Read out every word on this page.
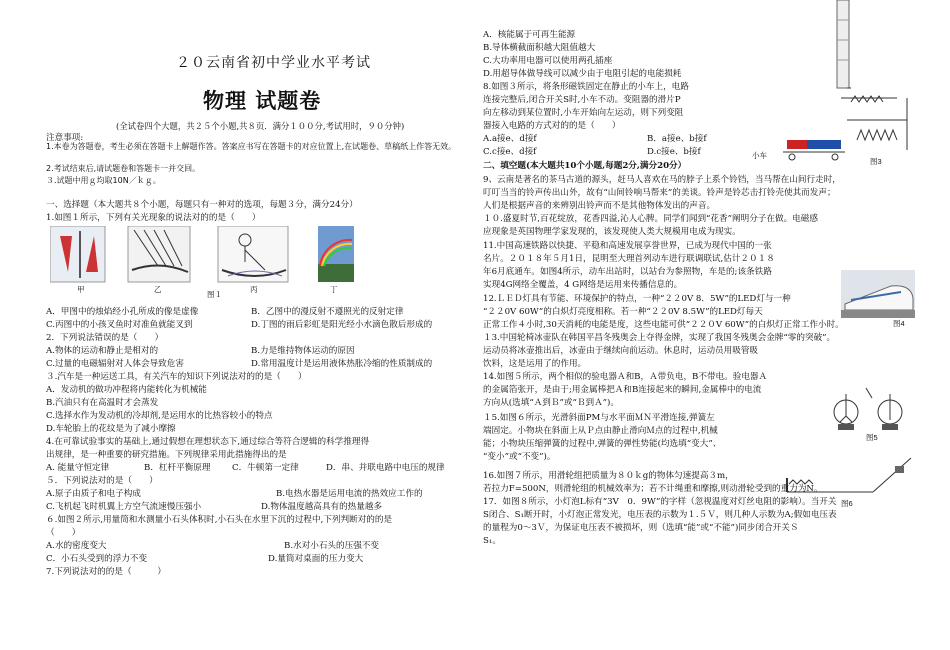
２０云南省初中学业水平考试
物理 试题卷
(全试卷四个大题，共２５个小题,共８页．满分１００分,考试用时，９０分钟)
注意事项:
1.本卷为答题卷，考生必须在答题卡上解题作答。答案应书写在答题卡的对应位置上,在试题卷、草稿纸上作答无效。
2.考试结束后,请试题卷和答题卡一并交回。
３.试题中用ｇ均取10N／ｋｇ。
一、选择题（本大题共８个小题，每题只有一种对的选项，每题３分，满分24分）
1.如图１所示，下列有关光现象的说法对的的是（　　）
甲	乙	丙	丁
图１
A．甲图中的烛焰经小孔所成的像是虚像	B．乙图中的漫反射不遵照光的反射定律
C.丙图中的小孩叉鱼时对准鱼就能叉到	D.丁图的雨后彩虹是阳光经小水滴色散后形成的
2．下列说法错误的是（　　）
A.物体的运动和静止是相对的	B.力是维持物体运动的原因
C.过量的电磁辐射对人体会导致危害	D.常用温度计是运用液体热胀冷缩的性质制成的
３.汽车是一种运送工具，有关汽车的知识下列说法对的的是（　　）
A．发动机的做功冲程将内能转化为机械能
B.汽油只有在高温时才会蒸发
C.选择水作为发动机的冷却剂,是运用水的比热容较小的特点
D.车轮胎上的花纹是为了减小摩擦
4.在可靠试验事实的基础上,通过假想在理想状态下,通过综合等符合逻辑的科学推理得
出规律，是一种重要的研究措施。下列规律采用此措施得出的是
A. 能量守恒定律	B．杠杆平衡原理	C．牛顿第一定律	D．串、并联电路中电压的规律
５．下列说法对的是（　　）
A.原子由质子和电子构成	B.电热水器是运用电流的热效应工作的
C.飞机起飞时机翼上方空气流速慢压强小	D.物体温度越高具有的热量越多
６.如图２所示,用量筒和水测量小石头体积时,小石头在水里下沉的过程中,下列判断对的的是
（　　）
A.水的密度变大	B.水对小石头的压强不变
C．小石头受到的浮力不变	D.量筒对桌面的压力变大
7.下列说法对的的是（　　　）
A．核能属于可再生能源
B.导体横截面积越大阻值越大
C.大功率用电器可以使用两孔插座
D.用超导体做导线可以减少由于电阻引起的电能损耗
8.如图３所示，将条形磁铁固定在静止的小车上，电路
连接完整后,闭合开关S时,小车不动。变阻器的滑片P
向左移动到某位置时,小车开始向左运动，则下列变阻
器接入电路的方式对的的是（　　）
A.a接e、d接f	B．a接e、b接f
C.c接e、d接f	D.c接e、b接f	小车
图3
二、填空题(本大题共10个小题,每题2分,满分20分）
9、云南是著名的茶马古道的源头，赶马人喜欢在马的脖子上系个铃铛，当马帮在山间行走时，
叮叮当当的铃声传出山外，故有“山间铃响马帮来”的美谈。铃声是铃芯击打铃壳使其而发声；
人们是根据声音的来辨别出铃声而不是其他物体发出的声音。
１０.盛夏时节,百花绽放，花香四溢,沁人心脾。同学们闻到“花香”阐明分子在做。电磁感
应现象是英国物理学家发现的，该发现使人类大规模用电成为现实。
11.中国高速铁路以快捷、平稳和高速发展享誉世界，已成为现代中国的一张
名片。２０１８年５月1日，昆明至大理首列动车进行联调联试,估计２０１８
年6月底通车。如图4所示，动车出站时，以站台为参照物，车是的;该条铁路
实现4G网络全覆盖，4 G网络是运用来传播信息的。
图4
12.ＬＥＤ灯具有节能、环境保护的特点，一种“２２0V 8．5W”的LED灯与一种
“２２0V 60W”的白炽灯亮度相称。若一种“２２0V 8.5W”的LED灯每天
正常工作４小时,30天消耗的电能是度，这些电能可供“２２０V 60W”的白炽灯正常工作小时。
１3.中国轮椅冰壶队在韩国平昌冬残奥会上夺得金牌，实现了我国冬残奥会金牌“零的突破”。
运动员将冰壶推出后，冰壶由于继续向前运动。休息时，运动员用吸管吸
饮料，这是运用了的作用。
14.如图５所示，两个相似的验电器Ａ和B，Ａ带负电，B不带电。验电器Ａ
的金属箔张开，是由于;用金属棒把Ａ和B连接起来的瞬间,金属棒中的电流
方向从(选填“Ａ到Ｂ”或“Ｂ到Ａ”)。
图5
１5.如图６所示，光滑斜面PM与水平面ＭＮ平滑连接,弹簧左
端固定。小物块在斜面上从Ｐ点由静止滑向Ｍ点的过程中,机械
能；小物块压缩弹簧的过程中,弹簧的弹性势能(均选填“变大”、
“变小”或“不变”)。
图6
16.如图７所示，用滑轮组把质量为８０ｋg的物体匀速提高３m，
若拉力F=500N，则滑轮组的机械效率为；若不计绳重和摩擦,则动滑轮受到的重力为N。
17．如图８所示，小灯泡L标有“3V　0．9W”的字样（忽视温度对灯丝电阻的影响）。当开关
S闭合、S₁断开时，小灯泡正常发光，电压表的示数为１.５Ｖ，则几种人示数为A;假如电压表
的量程为0～3Ｖ，为保证电压表不被损坏，则（选填“能”或“不能”)同步闭合开关Ｓ
S₁。
